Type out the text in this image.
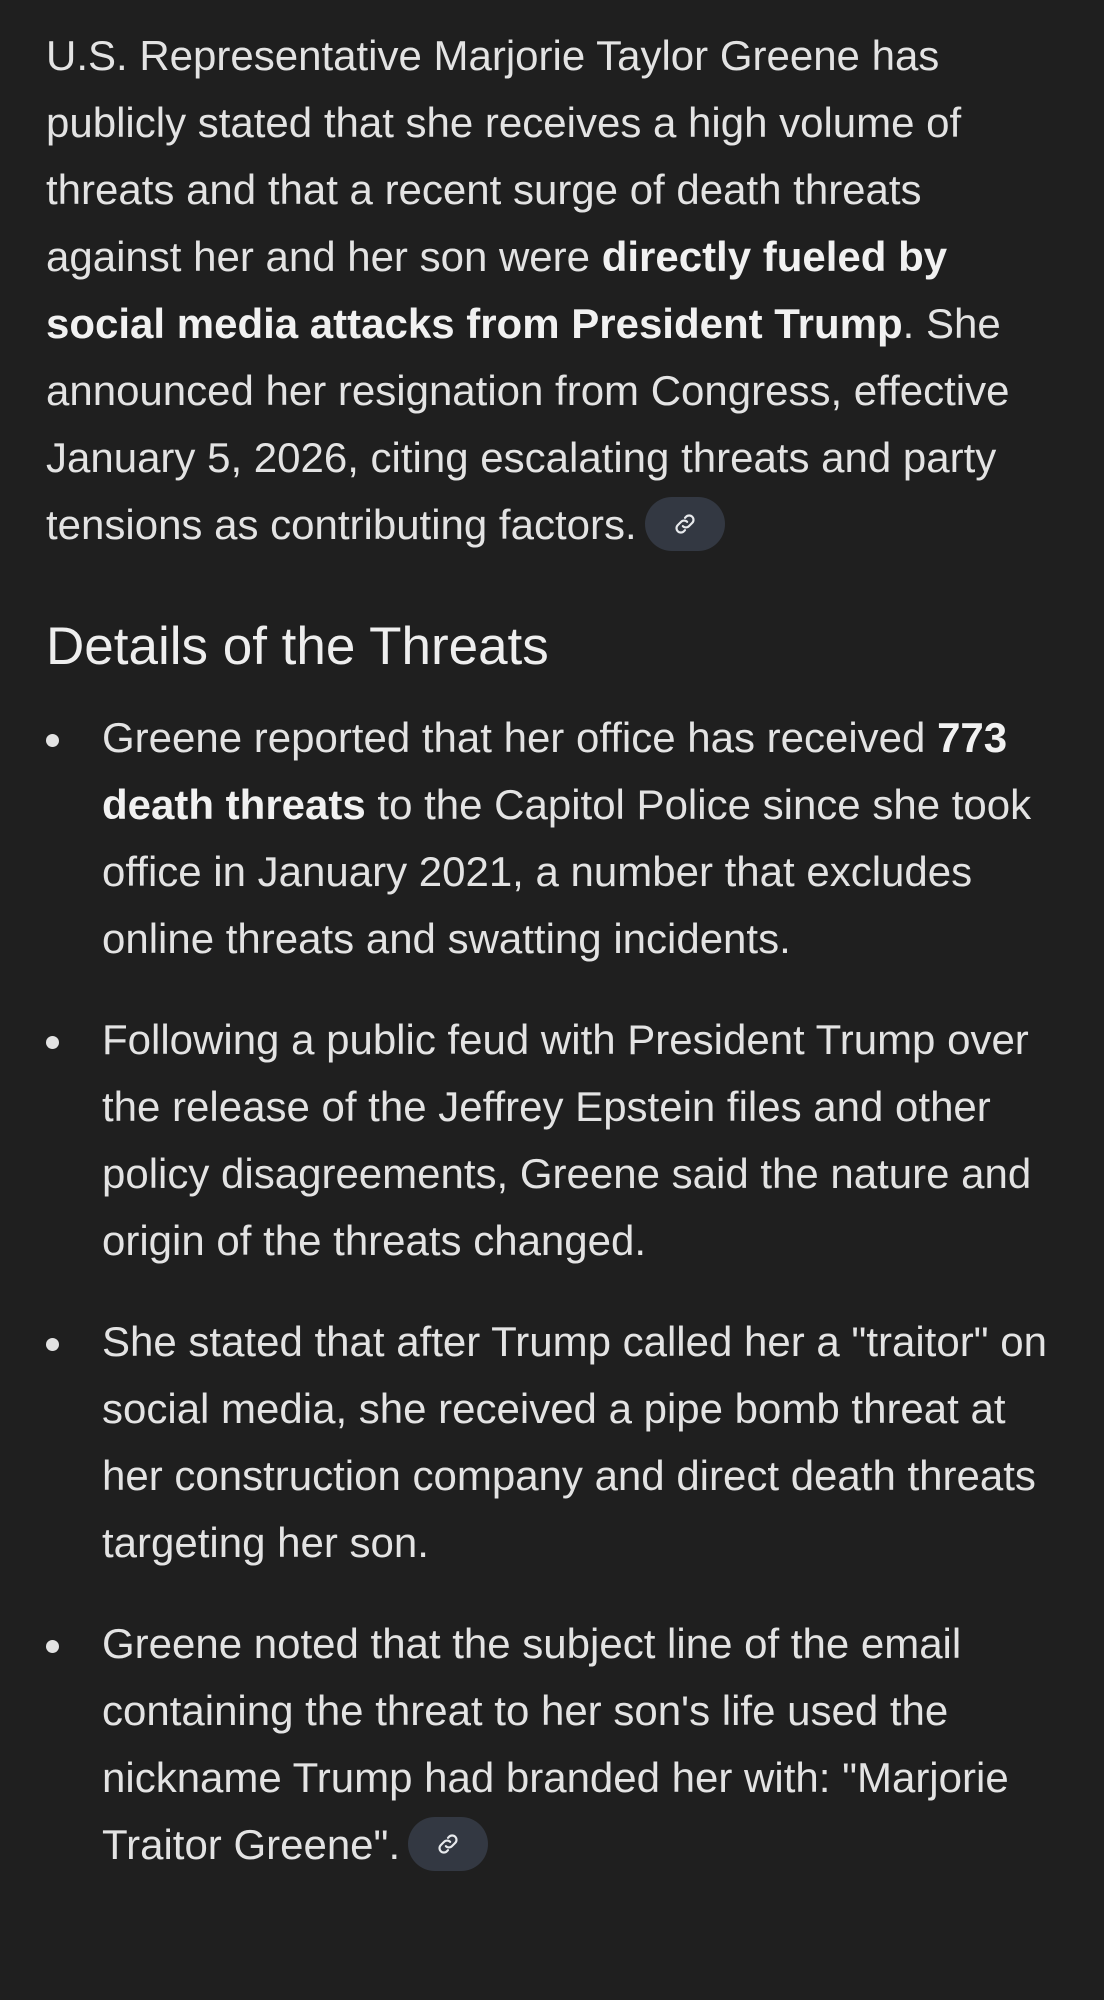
U.S. Representative Marjorie Taylor Greene has publicly stated that she receives a high volume of threats and that a recent surge of death threats against her and her son were directly fueled by social media attacks from President Trump. She announced her resignation from Congress, effective January 5, 2026, citing escalating threats and party tensions as contributing factors.

Details of the Threats
Greene reported that her office has received 773 death threats to the Capitol Police since she took office in January 2021, a number that excludes online threats and swatting incidents.
Following a public feud with President Trump over the release of the Jeffrey Epstein files and other policy disagreements, Greene said the nature and origin of the threats changed.
She stated that after Trump called her a "traitor" on social media, she received a pipe bomb threat at her construction company and direct death threats targeting her son.
Greene noted that the subject line of the email containing the threat to her son's life used the nickname Trump had branded her with: "Marjorie Traitor Greene".
